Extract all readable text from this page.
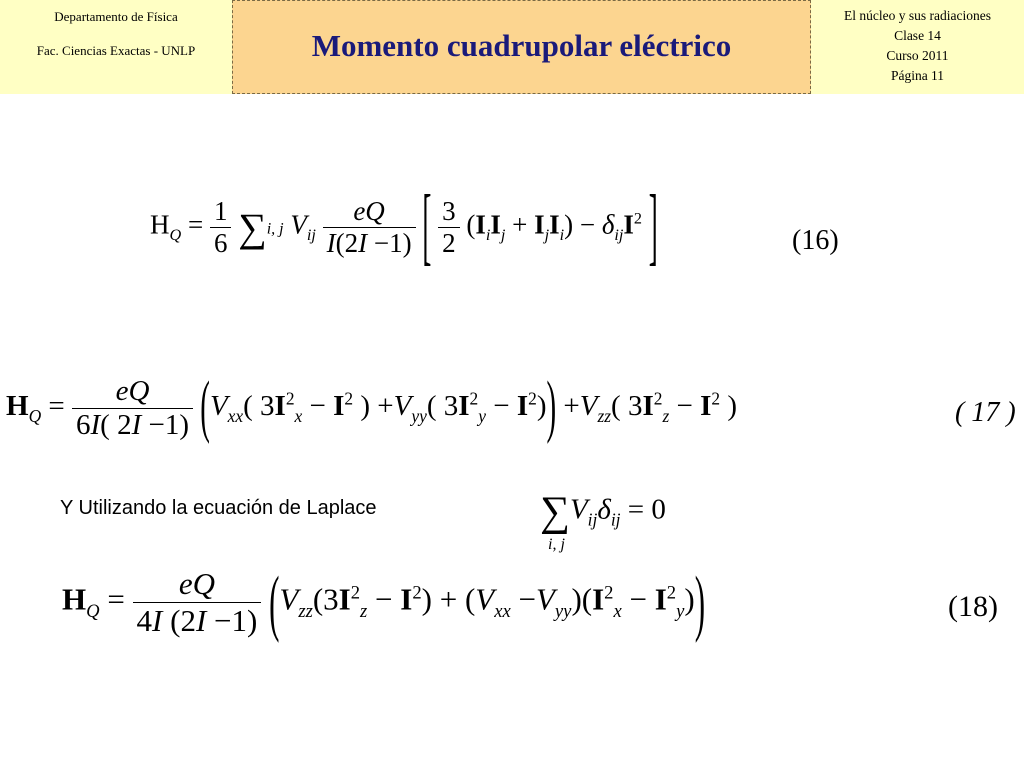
Departamento de Física
Fac. Ciencias Exactas - UNLP	Momento cuadrupolar eléctrico
El núcleo y sus radiaciones
Clase 14
Curso 2011
Página 11
$H_Q = \frac{1}{6} \sum i$, j $V_{ij} \frac{eQ}{I(2I -1)}$ [ $\frac{3}{2} (I_iI_j + I_jI_i) - \delta_{ij}I^2$ ]	(16)
$H_Q = \frac{eQ}{6I( 2I -1)} (V_{xx}$( $3I^2_x - I^2$ ) $+V_{yy}$( $3I^2_y - I^2)) +V_{zz}$( $3I^2_z - I^2$ )	( 17 )
Y Utilizando la ecuación de Laplace	$\sum V_{ij}\delta_{ij} = 0$
i, j
$H_Q = \frac{eQ}{4I (2I -1)} (V_{zz}(3I^2_z - I^2) + (V_{xx} -V_{yy})(I^2_x - I^2_y))$	(18)
